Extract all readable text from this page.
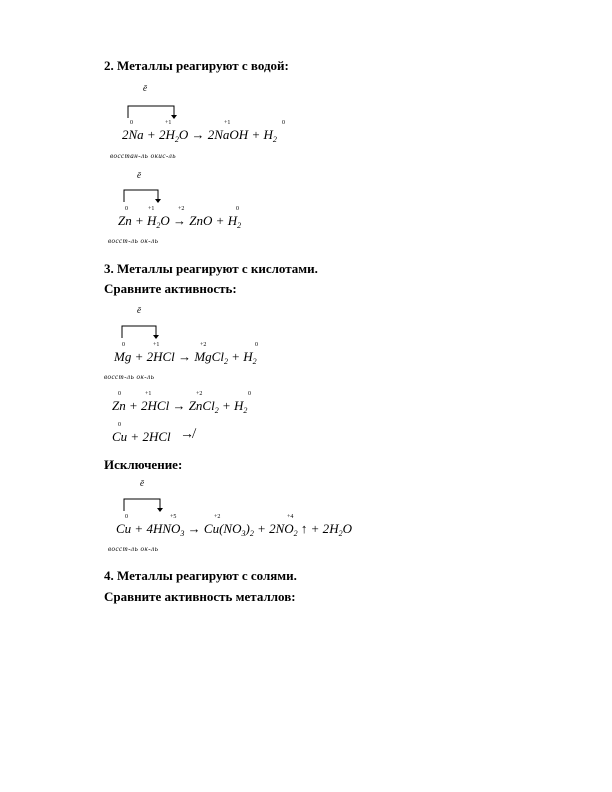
2. Металлы реагируют с водой:
3. Металлы реагируют с кислотами.
Сравните активность:
Исключение:
4. Металлы реагируют с солями.
Сравните активность металлов:
ē
0	+1	+1	0
$2Na + 2H_2O$ → 2NaOH + $H_2$
восстан-ль окис-ль
ē
0	+1	+2	0
$Zn + H_2O$ → ZnO + $H_2$
восст-ль ок-ль
ē
0	+1	+2	0
Mg + 2HCl → MgCl$_2$ + $H_2$
восст-ль ок-ль
0	+1	+2	0
Zn + 2HCl → ZnCl$_2$ + $H_2$
0
Cu + 2HCl ↛
ē
0	+5	+2	+4
$Cu + 4HNO_3 \to Cu(NO_3)_2 + 2NO_2$ ↑ + $2H_2O$
восст-ль ок-ль
